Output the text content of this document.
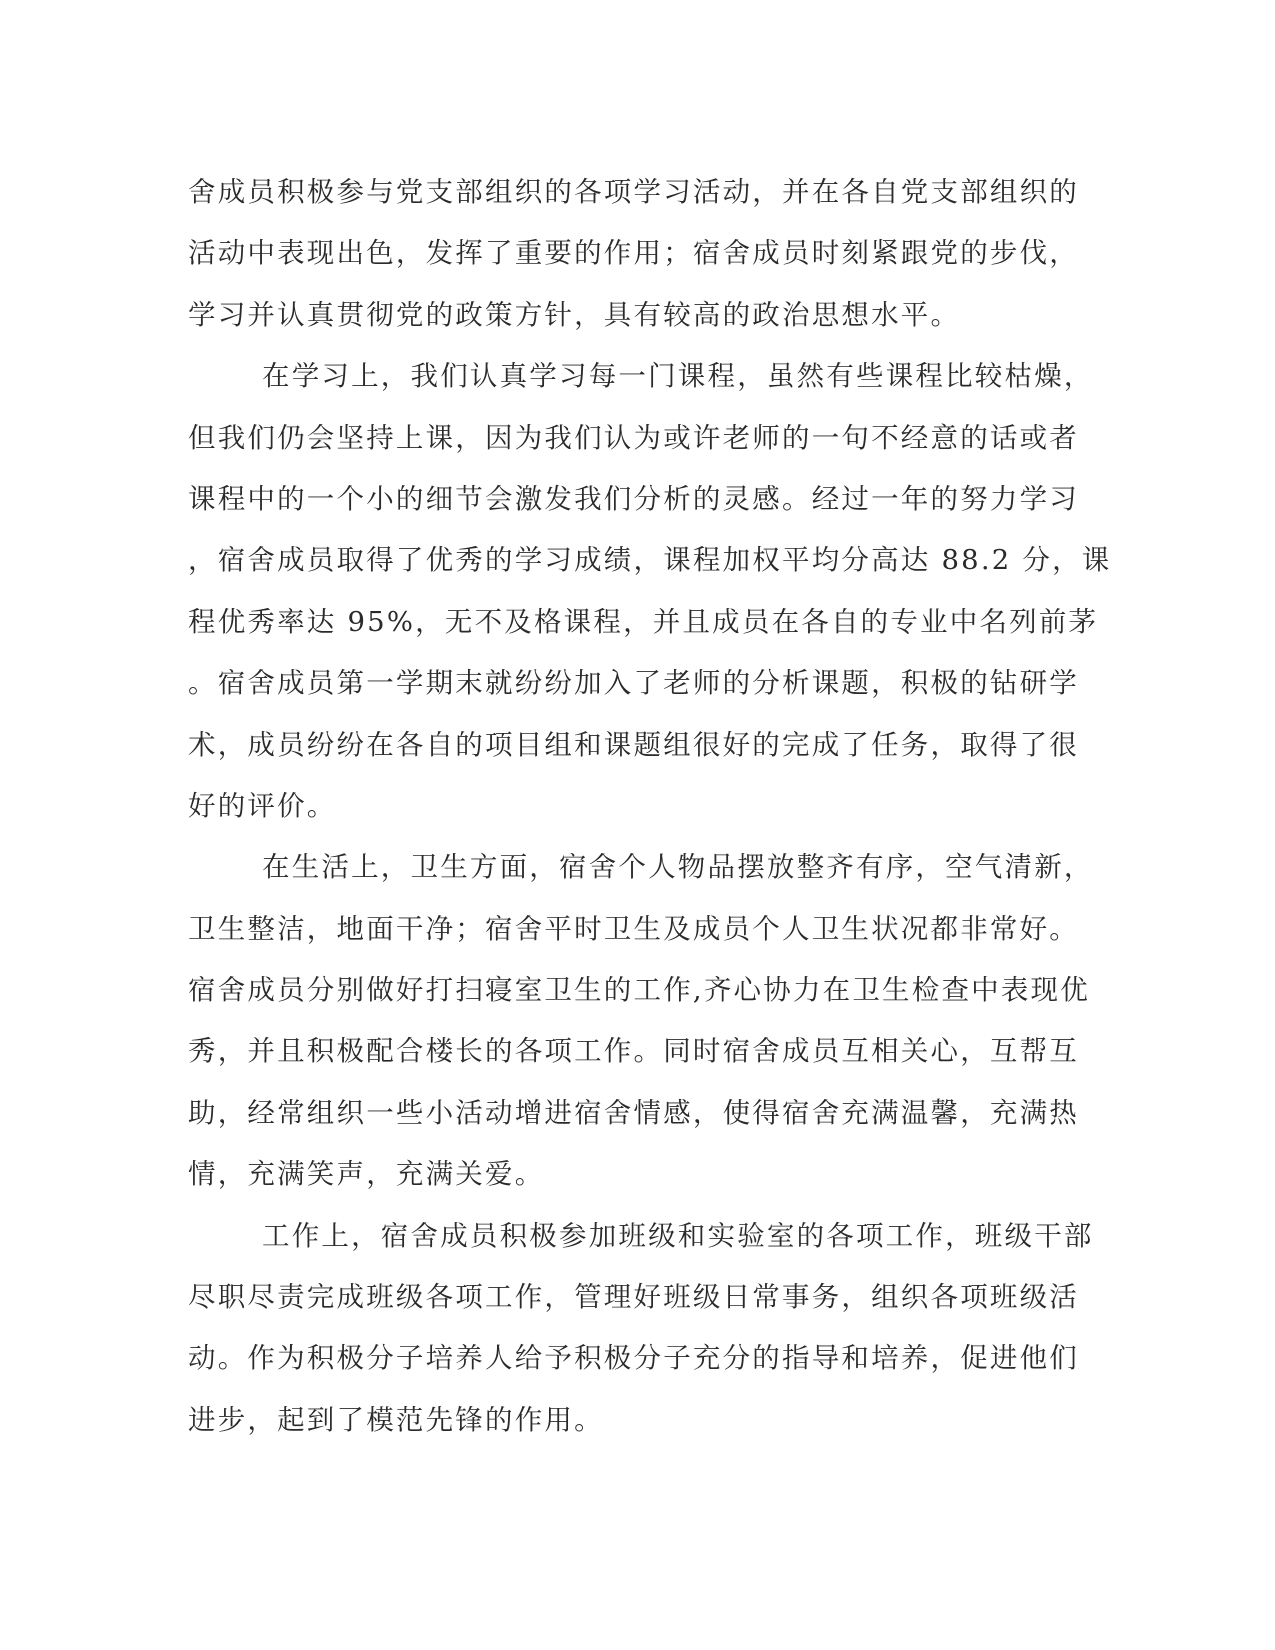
舍成员积极参与党支部组织的各项学习活动，并在各自党支部组织的
活动中表现出色，发挥了重要的作用；宿舍成员时刻紧跟党的步伐，
学习并认真贯彻党的政策方针，具有较高的政治思想水平。
在学习上，我们认真学习每一门课程，虽然有些课程比较枯燥，
但我们仍会坚持上课，因为我们认为或许老师的一句不经意的话或者
课程中的一个小的细节会激发我们分析的灵感。经过一年的努力学习
，宿舍成员取得了优秀的学习成绩，课程加权平均分高达 88.2 分，课
程优秀率达 95%，无不及格课程，并且成员在各自的专业中名列前茅
。宿舍成员第一学期末就纷纷加入了老师的分析课题，积极的钻研学
术，成员纷纷在各自的项目组和课题组很好的完成了任务，取得了很
好的评价。
在生活上，卫生方面，宿舍个人物品摆放整齐有序，空气清新，
卫生整洁，地面干净；宿舍平时卫生及成员个人卫生状况都非常好。
宿舍成员分别做好打扫寝室卫生的工作,齐心协力在卫生检查中表现优
秀，并且积极配合楼长的各项工作。同时宿舍成员互相关心，互帮互
助，经常组织一些小活动增进宿舍情感，使得宿舍充满温馨，充满热
情，充满笑声，充满关爱。
工作上，宿舍成员积极参加班级和实验室的各项工作，班级干部
尽职尽责完成班级各项工作，管理好班级日常事务，组织各项班级活
动。作为积极分子培养人给予积极分子充分的指导和培养，促进他们
进步，起到了模范先锋的作用。
